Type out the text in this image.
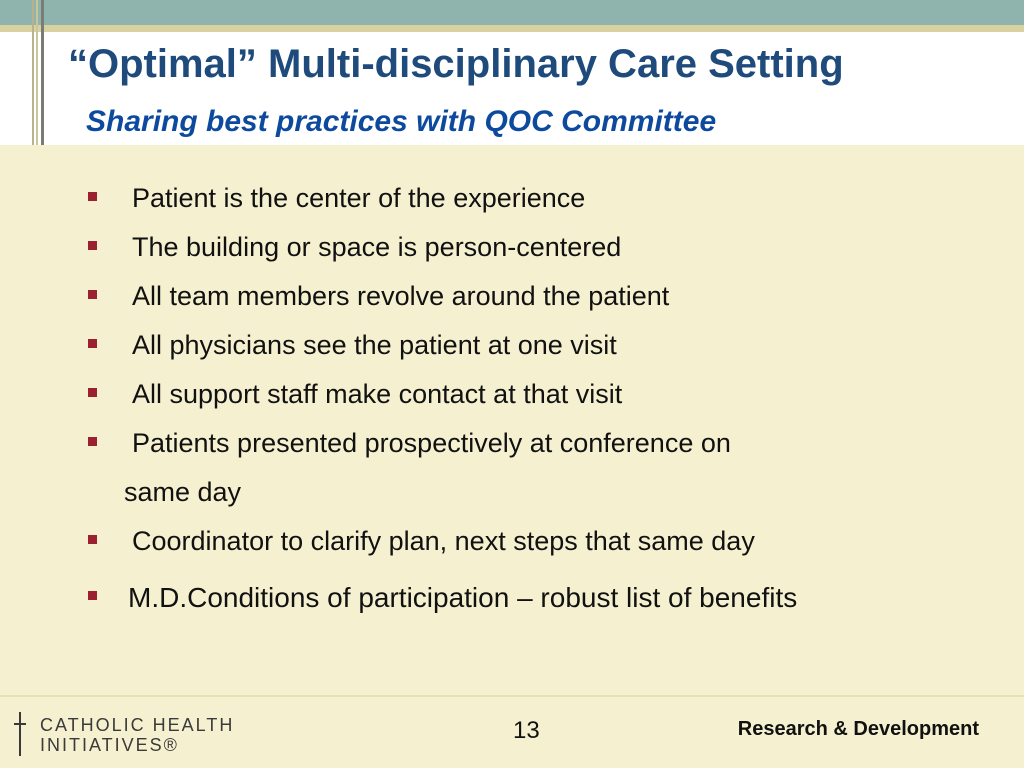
“Optimal” Multi-disciplinary Care Setting
Sharing best practices with QOC Committee
Patient is the center of the experience
The building or space is person-centered
All team members revolve around the patient
All physicians see the patient at one visit
All support staff make contact at that visit
Patients presented prospectively at conference on
Coordinator to clarify plan, next steps that same day
M.D.Conditions of participation – robust list of benefits
same day
CATHOLIC HEALTH
INITIATIVES®
13	Research & Development
